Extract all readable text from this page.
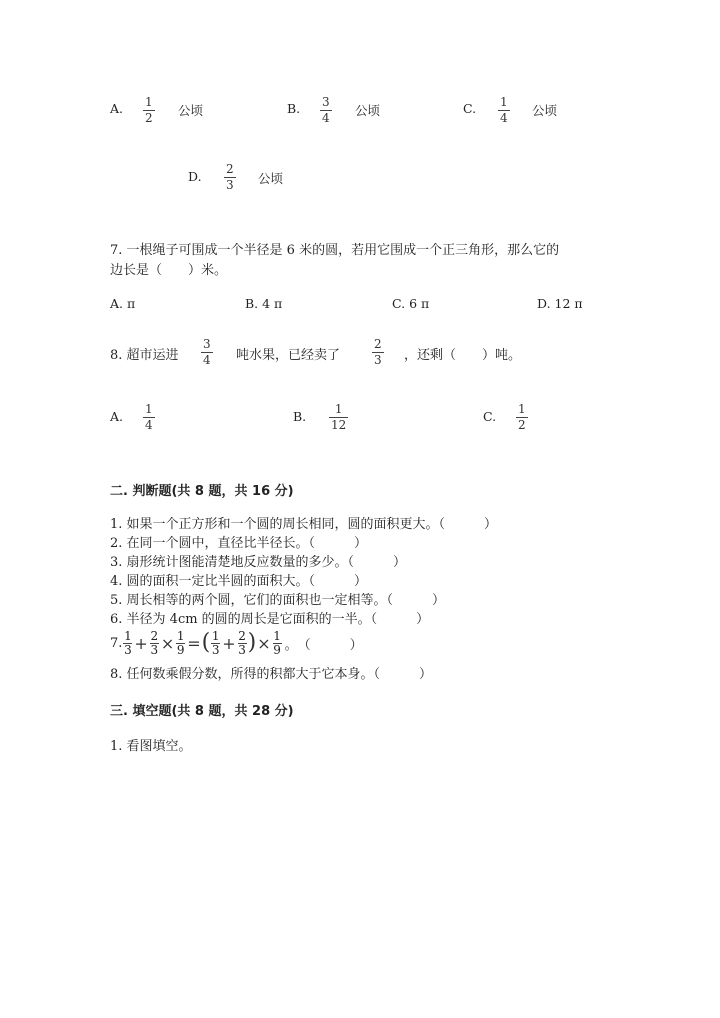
A. 1
2 公顷	B. 3
4 公顷	C. 1
4 公顷
D. 2
3 公顷
7. 一根绳子可围成一个半径是 6 米的圆，若用它围成一个正三角形，那么它的
边长是（　　）米。
A. π	B. 4 π	C. 6 π	D. 12 π
8. 超市运进
3
4 吨水果，已经卖了
2
3 ，还剩（　　）吨。
A. 1
4
B. 1
12
C. 1
2
二. 判断题(共 8 题，共 16 分)
1. 如果一个正方形和一个圆的周长相同，圆的面积更大。（　　　）
2. 在同一个圆中，直径比半径长。（　　　）
3. 扇形统计图能清楚地反应数量的多少。（　　　）
4. 圆的面积一定比半圆的面积大。（　　　）
5. 周长相等的两个圆，它们的面积也一定相等。（　　　）
6. 半径为 4cm 的圆的周长是它面积的一半。（　　　）
7. 1
3 + 2
3 × 1
9 = ( 1
3 + 2
3 ) × 1
9 。　（　　　）
8. 任何数乘假分数，所得的积都大于它本身。（　　　）
三. 填空题(共 8 题，共 28 分)
1. 看图填空。
